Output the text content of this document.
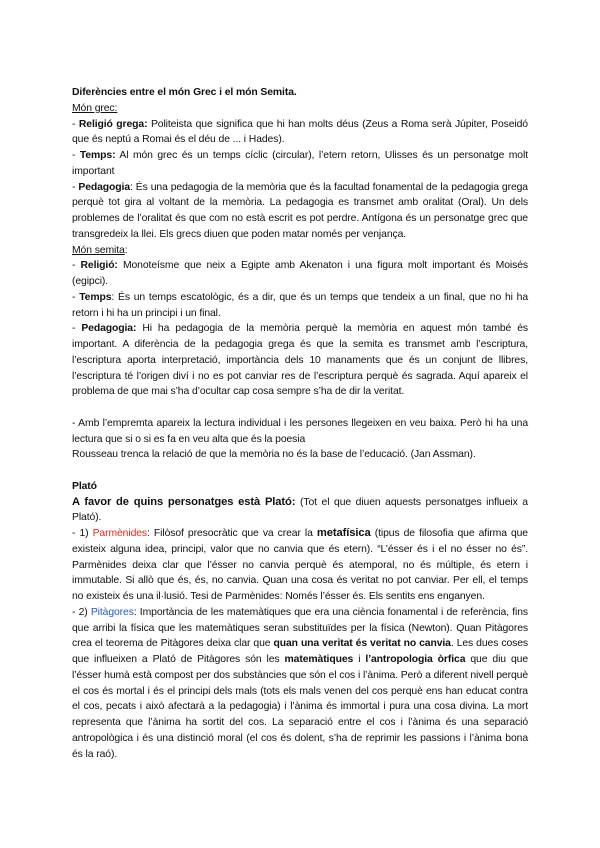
Diferències entre el món Grec i el món Semita.

Món grec:

- Religió grega: Politeista que significa que hi han molts déus (Zeus a Roma serà Júpiter, Poseidó que és neptú a Romai és el déu de ... i Hades).

- Temps: Al món grec és un temps cíclic (circular), l’etern retorn, Ulisses és un personatge molt important

- Pedagogia: És una pedagogia de la memòria que és la facultad fonamental de la pedagogia grega perquè tot gira al voltant de la memòria. La pedagogia es transmet amb oralitat (Oral). Un dels problemes de l’oralitat és que com no està escrit es pot perdre. Antígona és un personatge grec que transgredeix la llei. Els grecs diuen que poden matar només per venjança.

Món semita:

- Religió: Monoteísme que neix a Egipte amb Akenaton i una figura molt important és Moisés (egipci).

- Temps: És un temps escatològic, és a dir, que és un temps que tendeix a un final, que no hi ha retorn i hi ha un principi i un final.

- Pedagogia: Hi ha pedagogia de la memòria perquè la memòria en aquest món també és important. A diferència de la pedagogia grega és que la semita es transmet amb l’escriptura, l’escriptura aporta interpretació, importància dels 10 manaments que és un conjunt de llibres, l’escriptura té l’origen diví i no es pot canviar res de l’escriptura perquè és sagrada. Aquí apareix el problema de que mai s’ha d’ocultar cap cosa sempre s’ha de dir la veritat.

- Amb l’empremta apareix la lectura individual i les persones llegeixen en veu baixa. Però hi ha una lectura que si o si es fa en veu alta que és la poesia

Rousseau trenca la relació de que la memòria no és la base de l’educació. (Jan Assman).

Plató

A favor de quins personatges està Plató: (Tot el que diuen aquests personatges influeix a Plató).

- 1) Parmènides: Filòsof presocràtic que va crear la metafísica (tipus de filosofia que afirma que existeix alguna idea, principi, valor que no canvia que és etern). “L’ésser és i el no ésser no és”. Parmènides deixa clar que l’ésser no canvia perquè és atemporal, no és múltiple, és etern i immutable. Si allò que és, és, no canvia. Quan una cosa és veritat no pot canviar. Per ell, el temps no existeix és una il·lusió. Tesi de Parmènides: Només l’ésser és. Els sentits ens enganyen.

- 2) Pitàgores: Importància de les matemàtiques que era una ciència fonamental i de referència, fins que arribi la física que les matemàtiques seran substituïdes per la física (Newton). Quan Pitàgores crea el teorema de Pitàgores deixa clar que quan una veritat és veritat no canvia. Les dues coses que influeixen a Plató de Pitàgores són les matemàtiques i l’antropologia òrfica que diu que l’ésser humà està compost per dos substàncies que són el cos i l’ànima. Però a diferent nivell perquè el cos és mortal i és el principi dels mals (tots els mals venen del cos perquè ens han educat contra el cos, pecats i això afectarà a la pedagogia) i l’ànima és immortal i pura una cosa divina. La mort representa que l’ànima ha sortit del cos. La separació entre el cos i l’ànima és una separació antropològica i és una distinció moral (el cos és dolent, s’ha de reprimir les passions i l’ànima bona és la raó).
